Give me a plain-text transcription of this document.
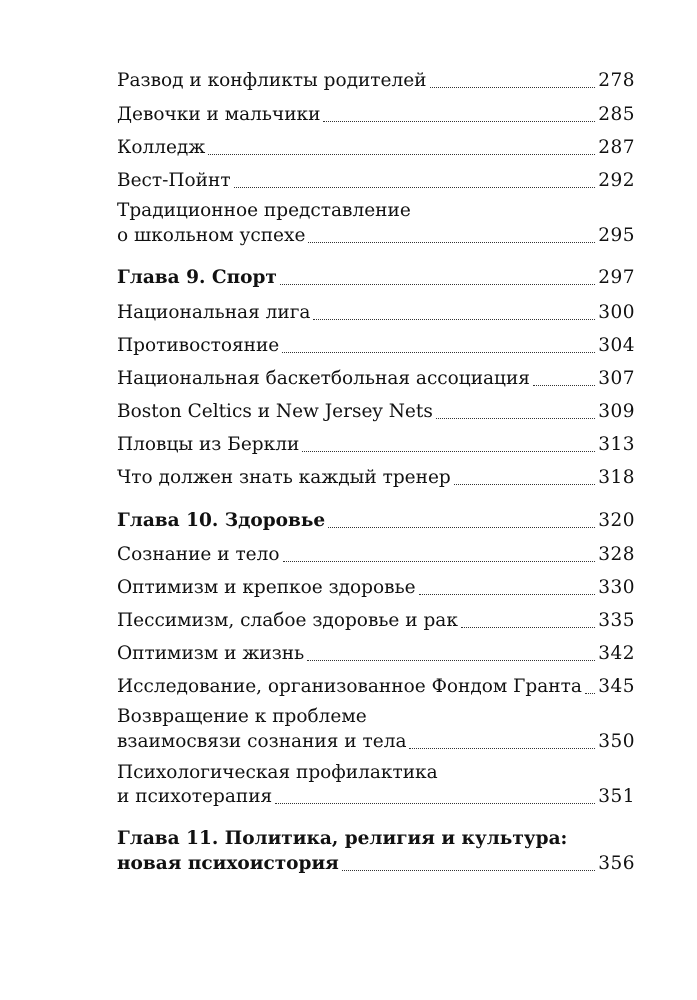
Развод и конфликты родителей	278
Девочки и мальчики	285
Колледж	287
Вест-Пойнт	292
Традиционное представление
о школьном успехе	295
Глава 9. Спорт	297
Национальная лига	300
Противостояние	304
Национальная баскетбольная ассоциация	307
Boston Celtics и New Jersey Nets	309
Пловцы из Беркли	313
Что должен знать каждый тренер	318
Глава 10. Здоровье	320
Сознание и тело	328
Оптимизм и крепкое здоровье	330
Пессимизм, слабое здоровье и рак	335
Оптимизм и жизнь	342
Исследование, организованное Фондом Гранта 345
Возвращение к проблеме
взаимосвязи сознания и тела	350
Психологическая профилактика
и психотерапия	351
Глава 11. Политика, религия и культура:
новая психоистория	356
